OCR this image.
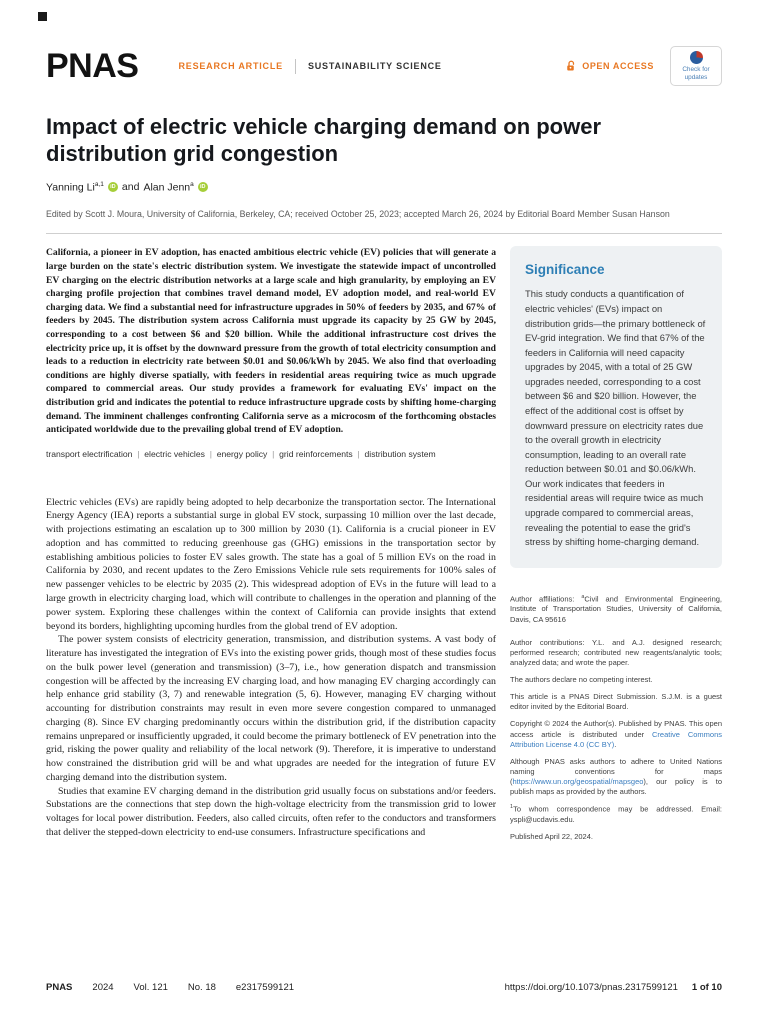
PNAS	RESEARCH ARTICLE	SUSTAINABILITY SCIENCE	OPEN ACCESS	Check for
updates
Impact of electric vehicle charging demand on power distribution grid congestion
Yanning Li$^{a,1}$	iD and Alan Jenn$^a$	iD
Edited by Scott J. Moura, University of California, Berkeley, CA; received October 25, 2023; accepted March 26, 2024 by Editorial Board Member Susan Hanson
California, a pioneer in EV adoption, has enacted ambitious electric vehicle (EV) policies that will generate a large burden on the state's electric distribution system. We investigate the statewide impact of uncontrolled EV charging on the electric distribution networks at a large scale and high granularity, by employing an EV charging profile projection that combines travel demand model, EV adoption model, and real-world EV charging data. We find a substantial need for infrastructure upgrades in 50% of feeders by 2035, and 67% of feeders by 2045. The distribution system across California must upgrade its capacity by 25 GW by 2045, corresponding to a cost between $6 and $20 billion. While the additional infrastructure cost drives the electricity price up, it is offset by the downward pressure from the growth of total electricity consumption and leads to a reduction in electricity rate between $0.01 and $0.06/kWh by 2045. We also find that overloading conditions are highly diverse spatially, with feeders in residential areas requiring twice as much upgrade compared to commercial areas. Our study provides a framework for evaluating EVs' impact on the distribution grid and indicates the potential to reduce infrastructure upgrade costs by shifting home-charging demand. The imminent challenges confronting California serve as a microcosm of the forthcoming obstacles anticipated worldwide due to the prevailing global trend of EV adoption.
transport electrification | electric vehicles | energy policy | grid reinforcements | distribution system

Electric vehicles (EVs) are rapidly being adopted to help decarbonize the transportation sector. The International Energy Agency (IEA) reports a substantial surge in global EV stock, surpassing 10 million over the last decade, with projections estimating an escalation up to 300 million by 2030 (1). California is a crucial pioneer in EV adoption and has committed to reducing greenhouse gas (GHG) emissions in the transportation sector by establishing ambitious policies to foster EV sales growth. The state has a goal of 5 million EVs on the road in California by 2030, and recent updates to the Zero Emissions Vehicle rule sets requirements for 100% sales of new passenger vehicles to be electric by 2035 (2). This widespread adoption of EVs in the future will lead to a large growth in electricity charging load, which will contribute to challenges in the operation and planning of the power system. Exploring these challenges within the context of California can provide insights that extend beyond its borders, highlighting upcoming hurdles from the global trend of EV adoption.

The power system consists of electricity generation, transmission, and distribution systems. A vast body of literature has investigated the integration of EVs into the existing power grids, though most of these studies focus on the bulk power level (generation and transmission) (3–7), i.e., how generation dispatch and transmission congestion will be affected by the increasing EV charging load, and how managing EV charging accordingly can help enhance grid stability (3, 7) and renewable integration (5, 6). However, managing EV charging without accounting for distribution constraints may result in even more severe congestion compared to unmanaged charging (8). Since EV charging predominantly occurs within the distribution grid, if the distribution capacity remains unprepared or insufficiently upgraded, it could become the primary bottleneck of EV penetration into the grid, risking the power quality and reliability of the local network (9). Therefore, it is imperative to understand how constrained the distribution grid will be and what upgrades are needed for the integration of future EV charging demand into the distribution system.

Studies that examine EV charging demand in the distribution grid usually focus on substations and/or feeders. Substations are the connections that step down the high-voltage electricity from the transmission grid to lower voltages for local power distribution. Feeders, also called circuits, often refer to the conductors and transformers that deliver the stepped-down electricity to end-use consumers. Infrastructure specifications and

Significance
This study conducts a quantification of electric vehicles' (EVs) impact on distribution grids—the primary bottleneck of EV-grid integration. We find that 67% of the feeders in California will need capacity upgrades by 2045, with a total of 25 GW upgrades needed, corresponding to a cost between $6 and $20 billion. However, the effect of the additional cost is offset by downward pressure on electricity rates due to the overall growth in electricity consumption, leading to an overall rate reduction between $0.01 and $0.06/kWh. Our work indicates that feeders in residential areas will require twice as much upgrade compared to commercial areas, revealing the potential to ease the grid's stress by shifting home-charging demand.

Author affiliations: $^a$Civil and Environmental Engineering, Institute of Transportation Studies, University of California, Davis, CA 95616

Author contributions: Y.L. and A.J. designed research; performed research; contributed new reagents/analytic tools; analyzed data; and wrote the paper.

The authors declare no competing interest.

This article is a PNAS Direct Submission. S.J.M. is a guest editor invited by the Editorial Board.

Copyright © 2024 the Author(s). Published by PNAS. This open access article is distributed under Creative Commons Attribution License 4.0 (CC BY).

Although PNAS asks authors to adhere to United Nations naming conventions for maps (https://www.un.org/geospatial/mapsgeo), our policy is to publish maps as provided by the authors.

$^1$To whom correspondence may be addressed. Email: yspli@ucdavis.edu.

Published April 22, 2024.

PNAS 2024 Vol. 121 No. 18 e2317599121	https://doi.org/10.1073/pnas.2317599121 1 of 10
